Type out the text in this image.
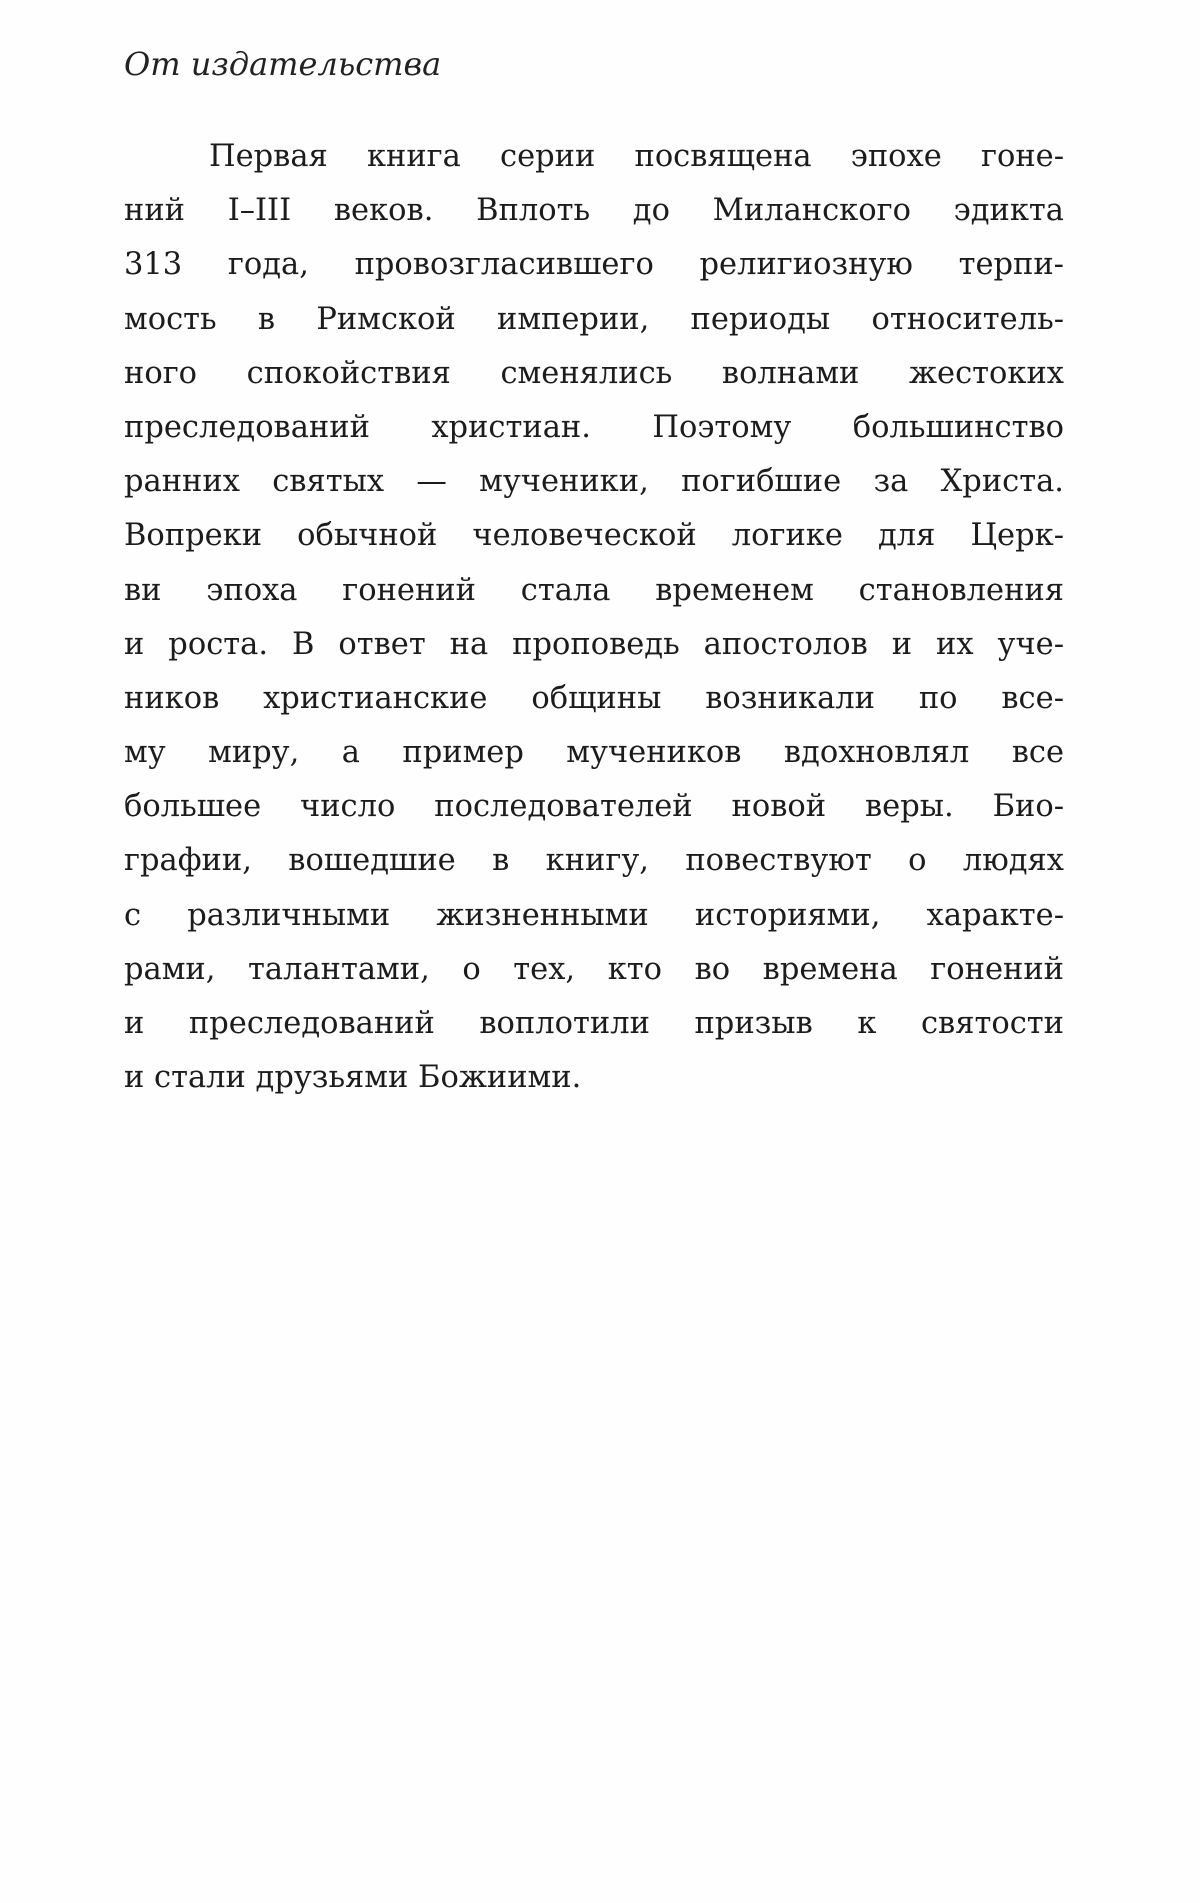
От издательства
Первая книга серии посвящена эпохе гоне-
ний I–III веков. Вплоть до Миланского эдикта
313 года, провозгласившего религиозную терпи-
мость в Римской империи, периоды относитель-
ного спокойствия сменялись волнами жестоких
преследований христиан. Поэтому большинство
ранних святых — мученики, погибшие за Христа.
Вопреки обычной человеческой логике для Церк-
ви эпоха гонений стала временем становления
и роста. В ответ на проповедь апостолов и их уче-
ников христианские общины возникали по все-
му миру, а пример мучеников вдохновлял все
большее число последователей новой веры. Био-
графии, вошедшие в книгу, повествуют о людях
с различными жизненными историями, характе-
рами, талантами, о тех, кто во времена гонений
и преследований воплотили призыв к святости
и стали друзьями Божиими.
